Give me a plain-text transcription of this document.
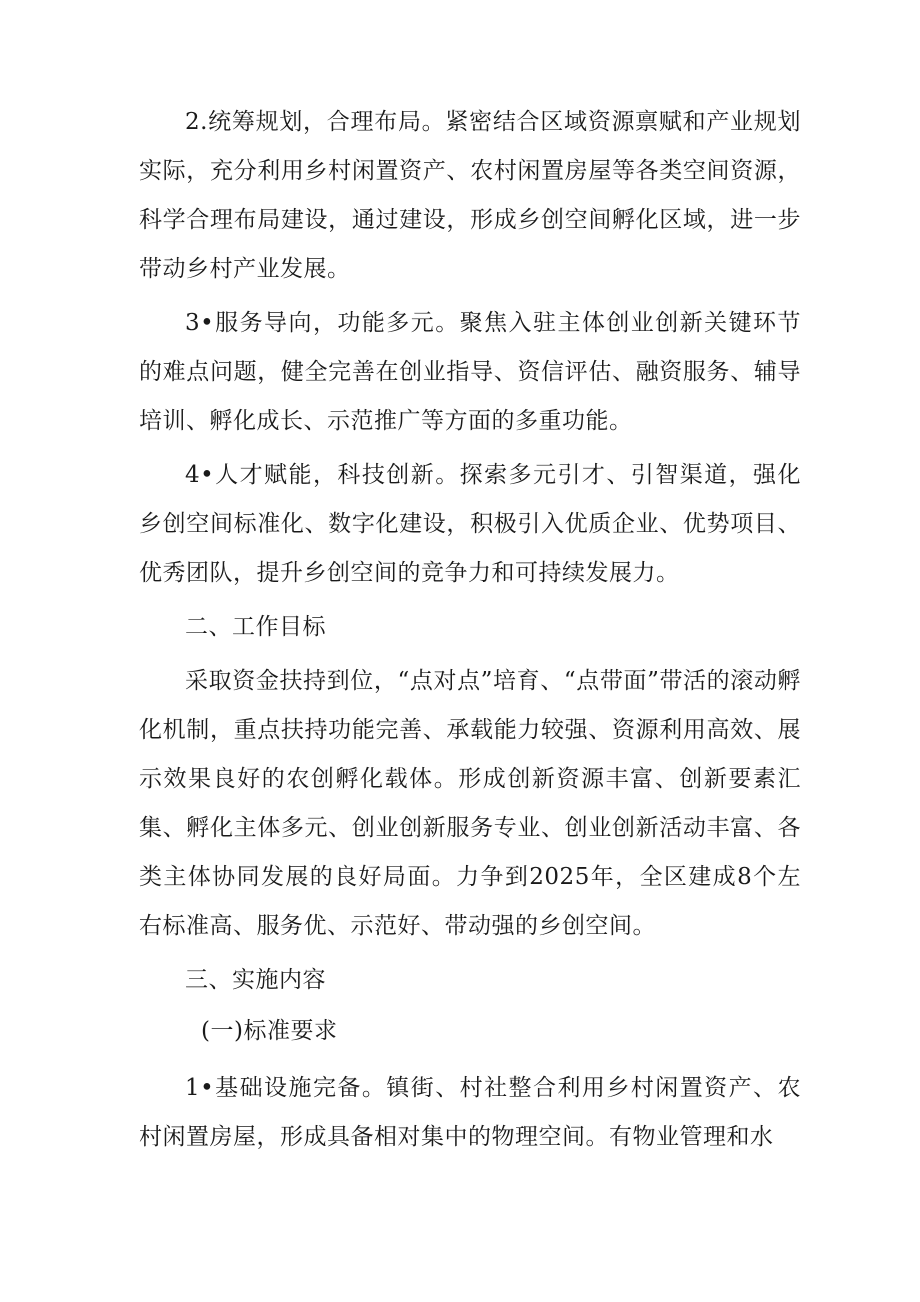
2.统筹规划，合理布局。紧密结合区域资源禀赋和产业规划实际，充分利用乡村闲置资产、农村闲置房屋等各类空间资源，科学合理布局建设，通过建设，形成乡创空间孵化区域，进一步带动乡村产业发展。

3•服务导向，功能多元。聚焦入驻主体创业创新关键环节的难点问题，健全完善在创业指导、资信评估、融资服务、辅导培训、孵化成长、示范推广等方面的多重功能。

4•人才赋能，科技创新。探索多元引才、引智渠道，强化乡创空间标准化、数字化建设，积极引入优质企业、优势项目、优秀团队，提升乡创空间的竞争力和可持续发展力。

二、工作目标

采取资金扶持到位，“点对点”培育、“点带面”带活的滚动孵化机制，重点扶持功能完善、承载能力较强、资源利用高效、展示效果良好的农创孵化载体。形成创新资源丰富、创新要素汇集、孵化主体多元、创业创新服务专业、创业创新活动丰富、各类主体协同发展的良好局面。力争到2025年，全区建成8个左右标准高、服务优、示范好、带动强的乡创空间。

三、实施内容

(一)标准要求

1•基础设施完备。镇街、村社整合利用乡村闲置资产、农村闲置房屋，形成具备相对集中的物理空间。有物业管理和水
